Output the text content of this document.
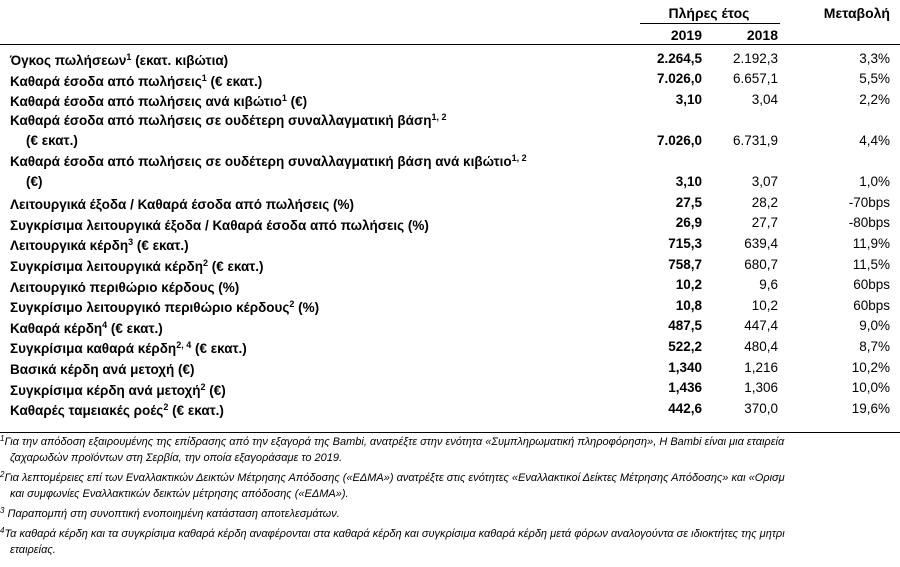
Πλήρες έτος	Μεταβολή
2019	2018
Όγκος πωλήσεων$^1$ (εκατ. κιβώτια)	2.264,5	2.192,3	3,3%
Καθαρά έσοδα από πωλήσεις$^1$ (€ εκατ.)	7.026,0	6.657,1	5,5%
Καθαρά έσοδα από πωλήσεις ανά κιβώτιο$^1$ (€)	3,10	3,04	2,2%
Καθαρά έσοδα από πωλήσεις σε ουδέτερη συναλλαγματική βάση$^{1, 2}$
(€ εκατ.)	7.026,0	6.731,9	4,4%
Καθαρά έσοδα από πωλήσεις σε ουδέτερη συναλλαγματική βάση ανά κιβώτιο$^{1, 2}$
(€)	3,10	3,07	1,0%
Λειτουργικά έξοδα / Καθαρά έσοδα από πωλήσεις (%)	27,5	28,2	-70bps
Συγκρίσιμα λειτουργικά έξοδα / Καθαρά έσοδα από πωλήσεις (%)	26,9	27,7	-80bps
Λειτουργικά κέρδη$^3$ (€ εκατ.)	715,3	639,4	11,9%
Συγκρίσιμα λειτουργικά κέρδη$^2$ (€ εκατ.)	758,7	680,7	11,5%
Λειτουργικό περιθώριο κέρδους (%)	10,2	9,6	60bps
Συγκρίσιμο λειτουργικό περιθώριο κέρδους$^2$ (%)	10,8	10,2	60bps
Καθαρά κέρδη$^4$ (€ εκατ.)	487,5	447,4	9,0%
Συγκρίσιμα καθαρά κέρδη$^{2, 4}$ (€ εκατ.)	522,2	480,4	8,7%
Βασικά κέρδη ανά μετοχή (€)	1,340	1,216	10,2%
Συγκρίσιμα κέρδη ανά μετοχή$^2$ (€)	1,436	1,306	10,0%
Καθαρές ταμειακές ροές$^2$ (€ εκατ.)	442,6	370,0	19,6%
$^1$Για την απόδοση εξαιρουμένης της επίδρασης από την εξαγορά της Bambi, ανατρέξτε στην ενότητα «Συμπληρωματική πληροφόρηση», Η Bambi είναι μια εταιρεία
ζαχαρωδών προϊόντων στη Σερβία, την οποία εξαγοράσαμε το 2019.
$^2$Για λεπτομέρειες επί των Εναλλακτικών Δεικτών Μέτρησης Απόδοσης («ΕΔΜΑ») ανατρέξτε στις ενότητες «Εναλλακτικοί Δείκτες Μέτρησης Απόδοσης» και «Ορισμ
και συμφωνίες Εναλλακτικών δεικτών μέτρησης απόδοσης («ΕΔΜΑ»).
$^3$ Παραπομπή στη συνοπτική ενοποιημένη κατάσταση αποτελεσμάτων.
$^4$Τα καθαρά κέρδη και τα συγκρίσιμα καθαρά κέρδη αναφέρονται στα καθαρά κέρδη και συγκρίσιμα καθαρά κέρδη μετά φόρων αναλογούντα σε ιδιοκτήτες της μητρι
εταιρείας.
